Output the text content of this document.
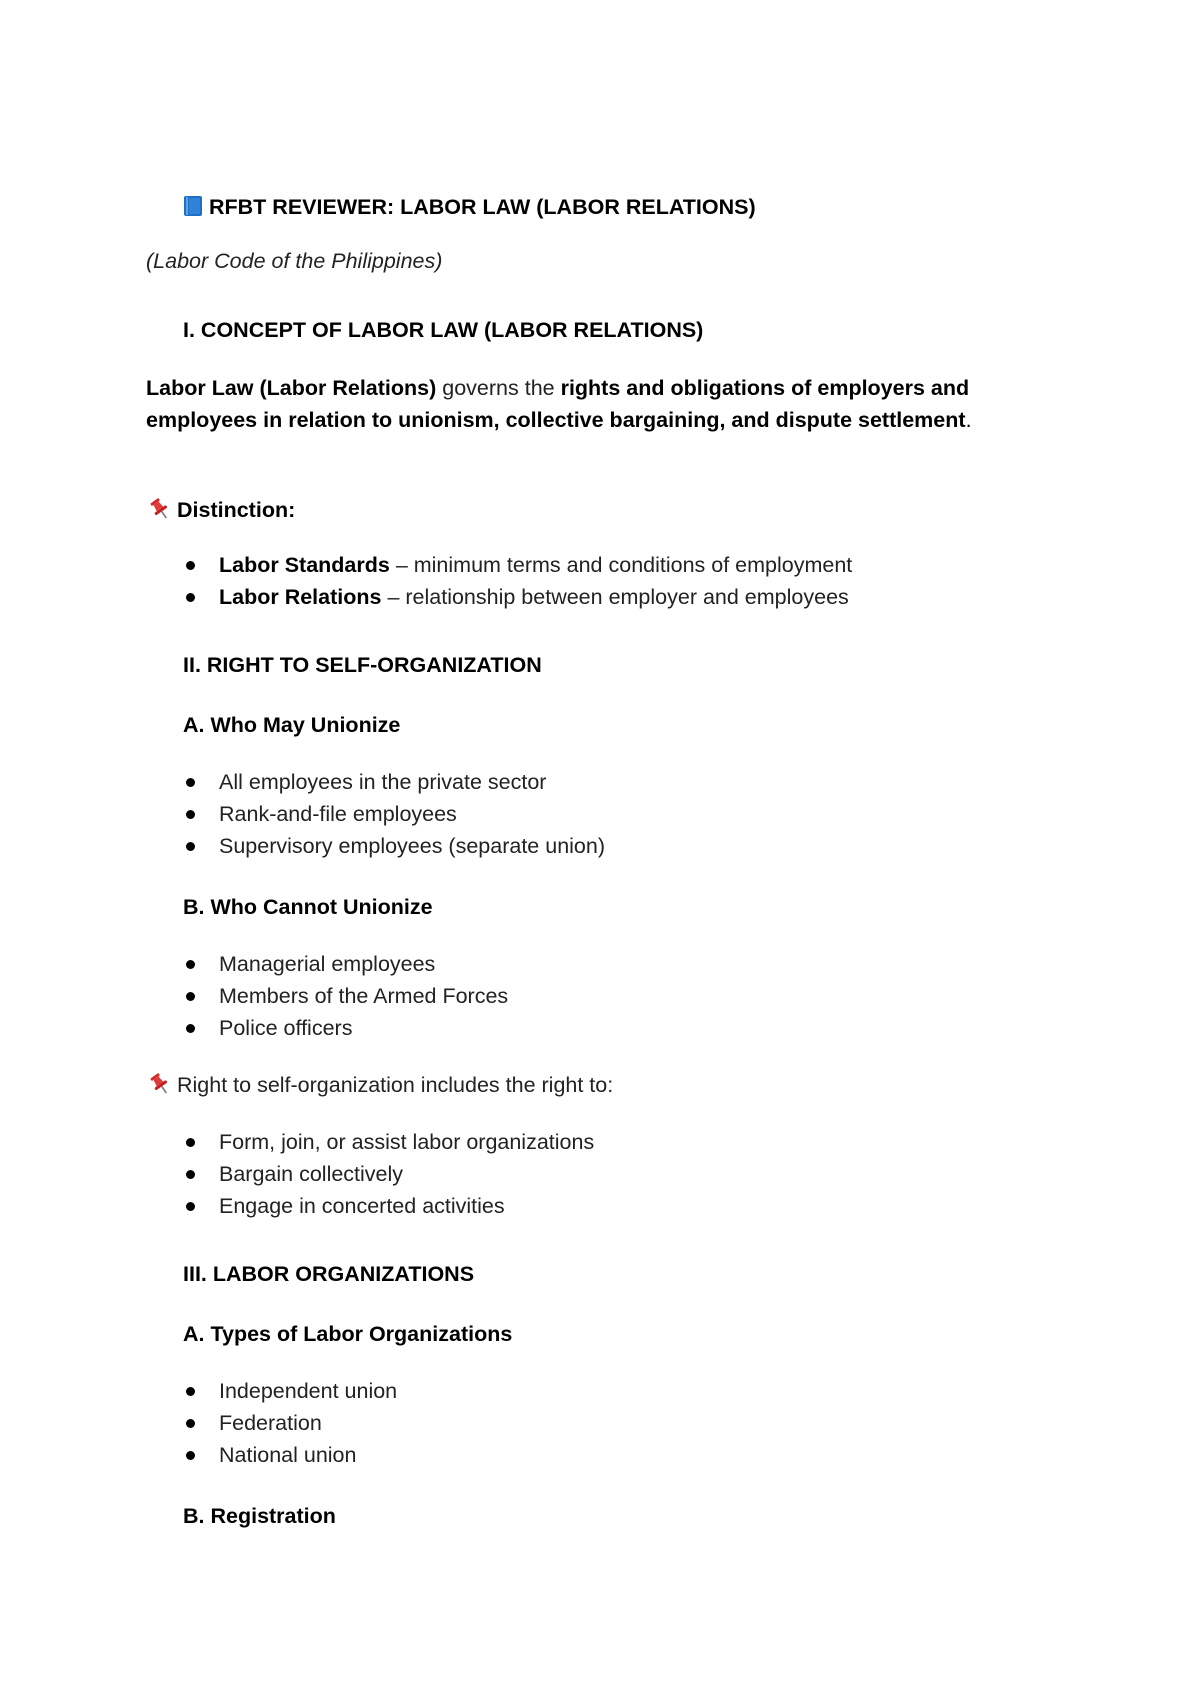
RFBT REVIEWER: LABOR LAW (LABOR RELATIONS)
(Labor Code of the Philippines)
I. CONCEPT OF LABOR LAW (LABOR RELATIONS)
Labor Law (Labor Relations) governs the rights and obligations of employers and employees in relation to unionism, collective bargaining, and dispute settlement.
Distinction:
Labor Standards – minimum terms and conditions of employment
Labor Relations – relationship between employer and employees
II. RIGHT TO SELF-ORGANIZATION
A. Who May Unionize
All employees in the private sector
Rank-and-file employees
Supervisory employees (separate union)
B. Who Cannot Unionize
Managerial employees
Members of the Armed Forces
Police officers
Right to self-organization includes the right to:
Form, join, or assist labor organizations
Bargain collectively
Engage in concerted activities
III. LABOR ORGANIZATIONS
A. Types of Labor Organizations
Independent union
Federation
National union
B. Registration
